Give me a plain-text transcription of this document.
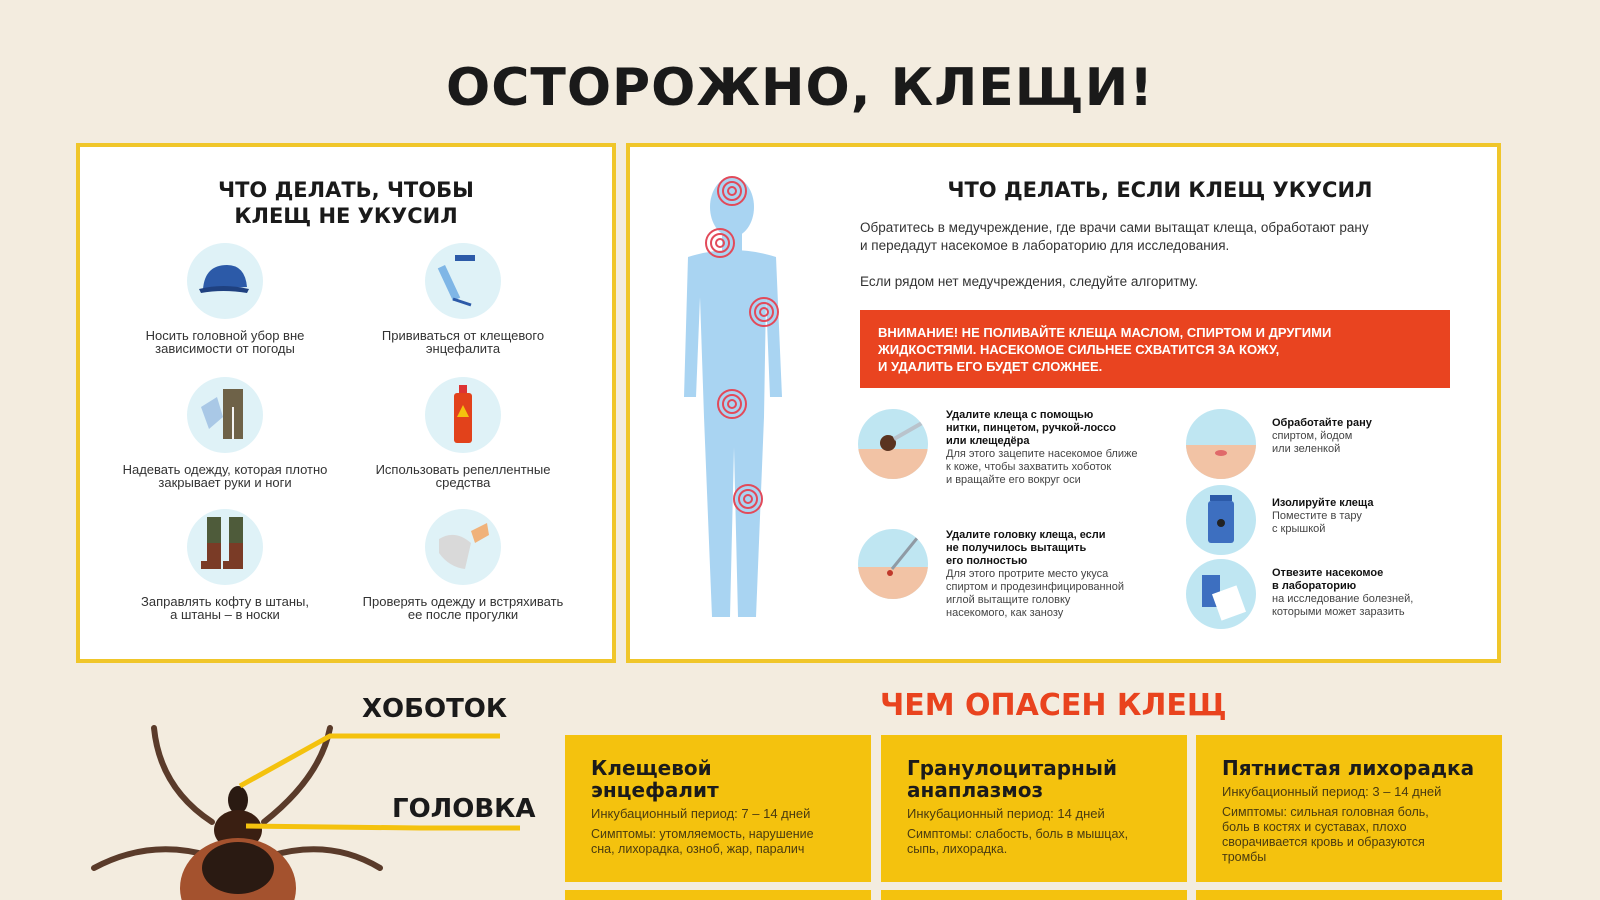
ОСТОРОЖНО, КЛЕЩИ!
ЧТО ДЕЛАТЬ, ЧТОБЫ
КЛЕЩ НЕ УКУСИЛ
Носить головной убор вне
зависимости от погоды
Прививаться от клещевого
энцефалита
Надевать одежду, которая плотно
закрывает руки и ноги
Использовать репеллентные
средства
Заправлять кофту в штаны,
а штаны – в носки
Проверять одежду и встряхивать
ее после прогулки
ЧТО ДЕЛАТЬ, ЕСЛИ КЛЕЩ УКУСИЛ
Обратитесь в медучреждение, где врачи сами вытащат клеща, обработают рану
и передадут насекомое в лабораторию для исследования.
Если рядом нет медучреждения, следуйте алгоритму.
ВНИМАНИЕ! НЕ ПОЛИВАЙТЕ КЛЕЩА МАСЛОМ, СПИРТОМ И ДРУГИМИ
ЖИДКОСТЯМИ. НАСЕКОМОЕ СИЛЬНЕЕ СХВАТИТСЯ ЗА КОЖУ,
И УДАЛИТЬ ЕГО БУДЕТ СЛОЖНЕЕ.
Удалите клеща с помощью
нитки, пинцетом, ручкой-лоссо
или клещедёра
Для этого зацепите насекомое ближе
к коже, чтобы захватить хоботок
и вращайте его вокруг оси
Удалите головку клеща, если
не получилось вытащить
его полностью
Для этого протрите место укуса
спиртом и продезинфицированной
иглой вытащите головку
насекомого, как занозу
Обработайте рану
спиртом, йодом
или зеленкой
Изолируйте клеща
Поместите в тару
с крышкой
Отвезите насекомое
в лабораторию
на исследование болезней,
которыми может заразить
ХОБОТОК
ГОЛОВКА
ЧЕМ ОПАСЕН КЛЕЩ
Клещевой энцефалит
Инкубационный период: 7 – 14 дней
Симптомы: утомляемость, нарушение
сна, лихорадка, озноб, жар, паралич
Гранулоцитарный
анаплазмоз
Инкубационный период: 14 дней
Симптомы: слабость, боль в мышцах,
сыпь, лихорадка.
Пятнистая лихорадка
Инкубационный период: 3 – 14 дней
Симптомы: сильная головная боль,
боль в костях и суставах, плохо
сворачивается кровь и образуются
тромбы
